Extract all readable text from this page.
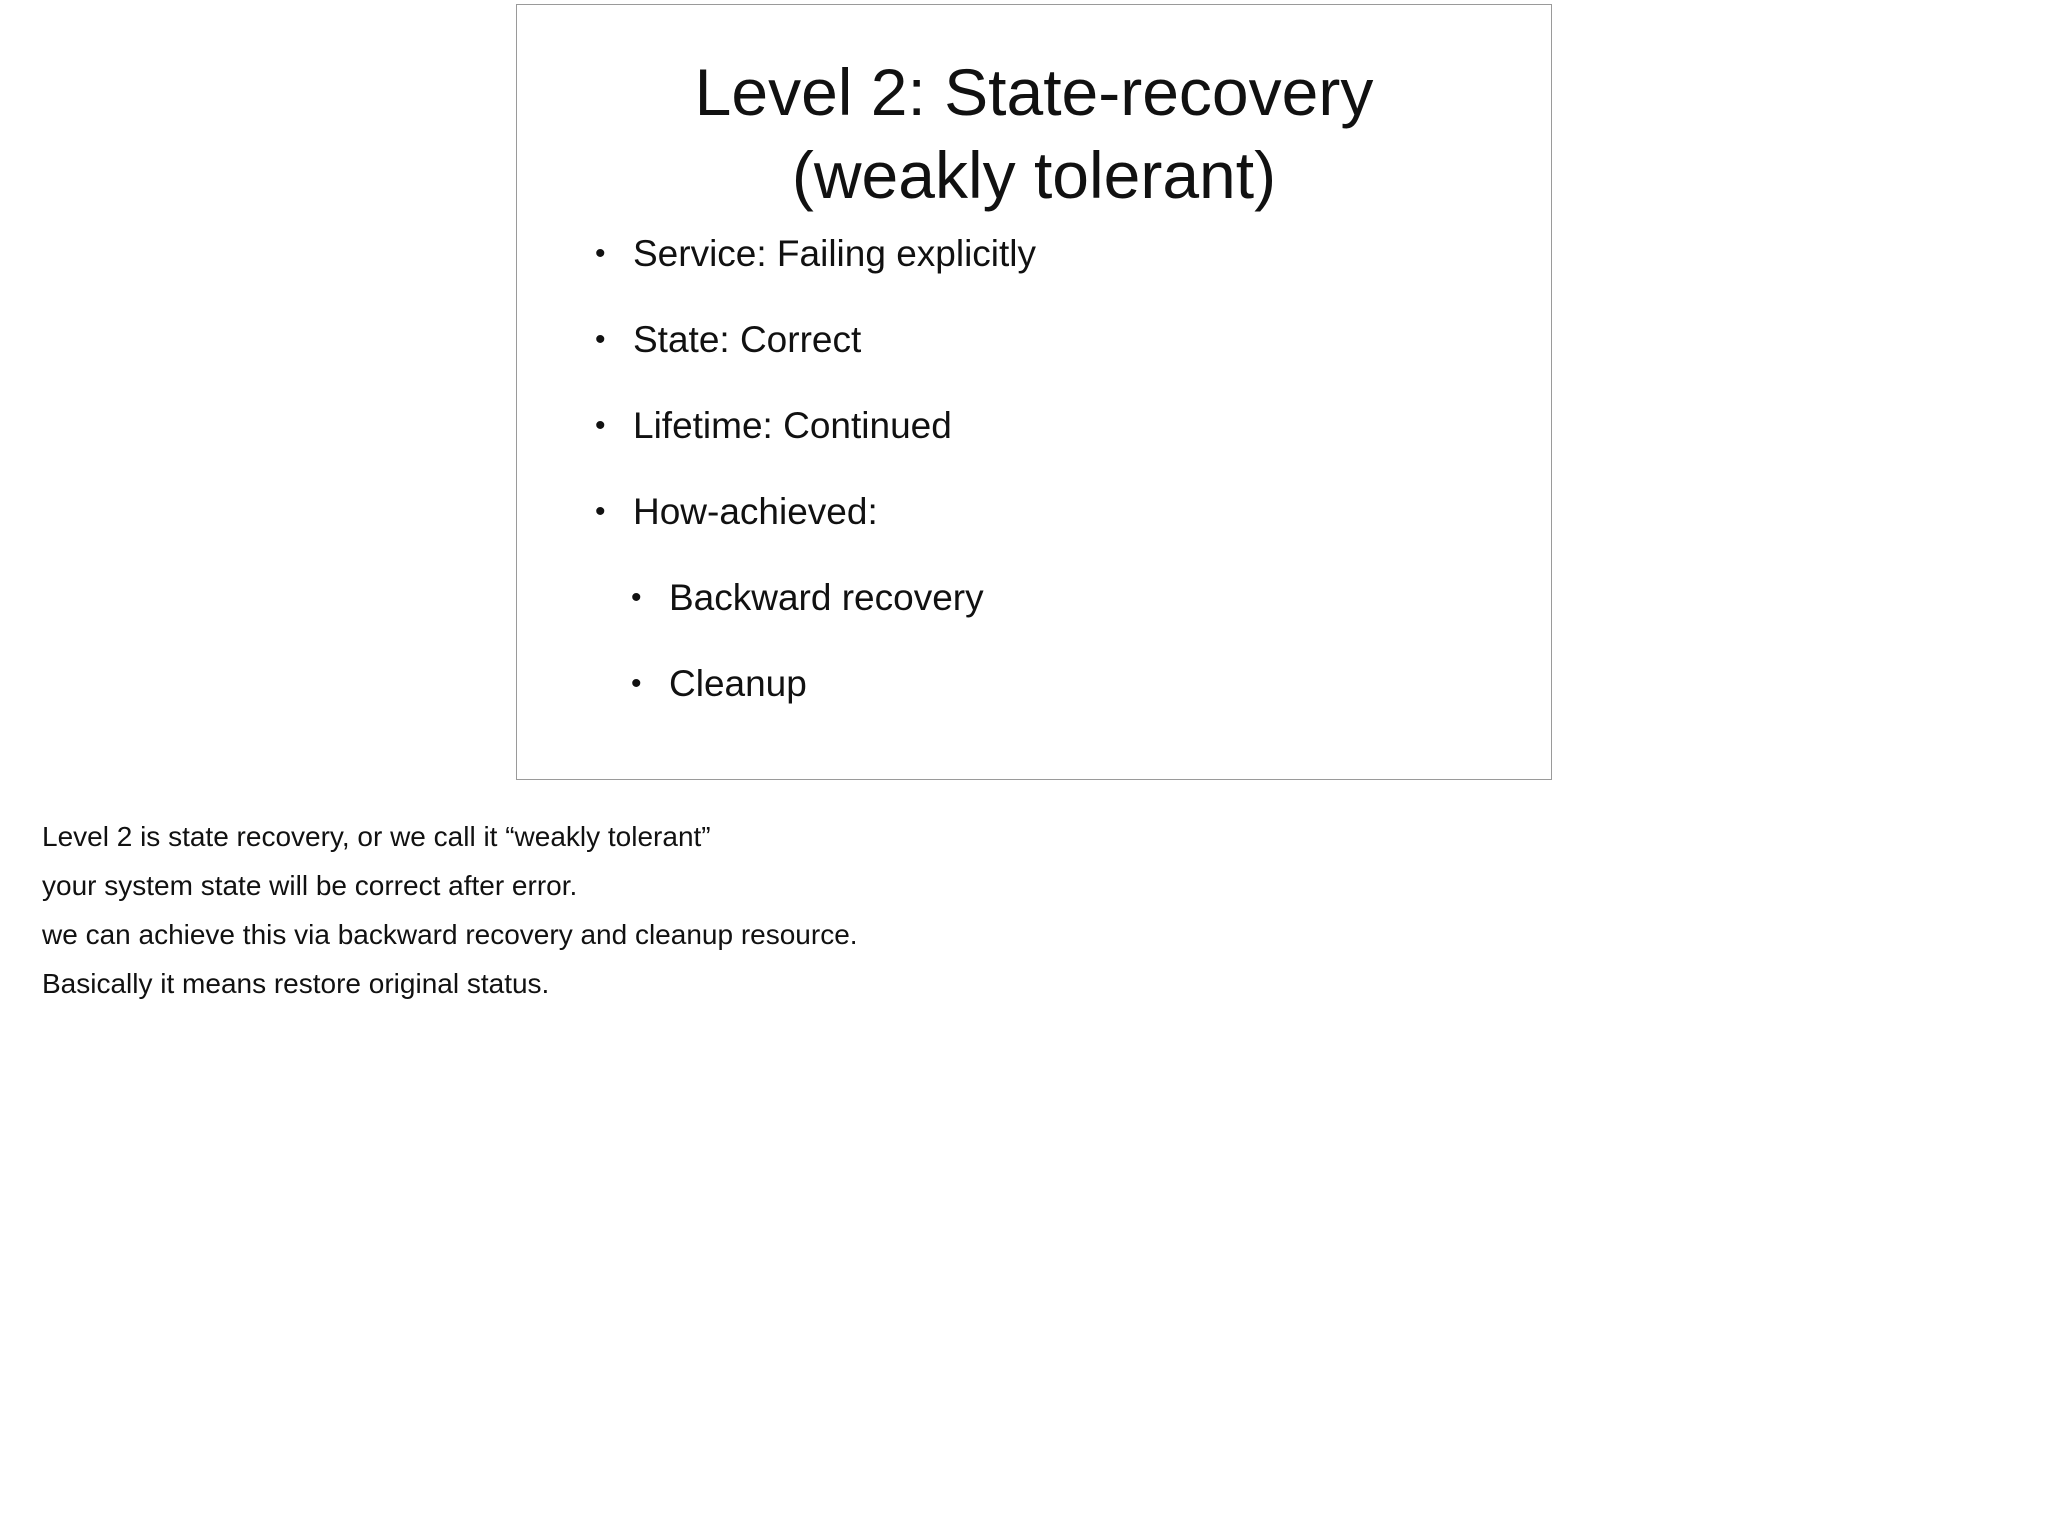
Level 2: State-recovery
(weakly tolerant)
• Service: Failing explicitly
• State: Correct
• Lifetime: Continued
• How-achieved:
• Backward recovery
• Cleanup
Level 2 is state recovery, or we call it “weakly tolerant”
your system state will be correct after error.
we can achieve this via backward recovery and cleanup resource.
Basically it means restore original status.
